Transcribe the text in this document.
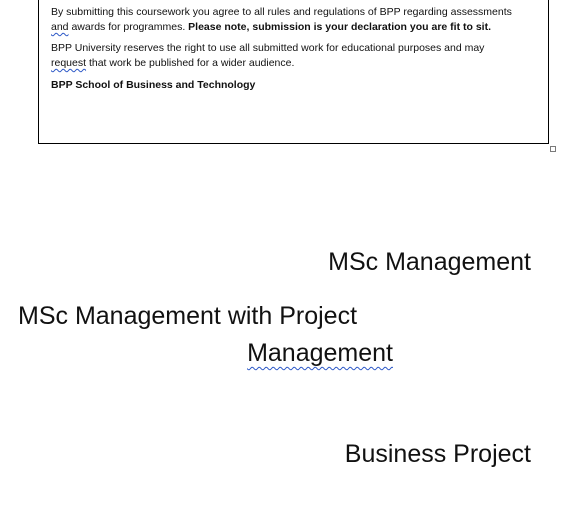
By submitting this coursework you agree to all rules and regulations of BPP regarding assessments
and awards for programmes. Please note, submission is your declaration you are fit to sit.
BPP University reserves the right to use all submitted work for educational purposes and may
request that work be published for a wider audience.
BPP School of Business and Technology
MSc Management
MSc Management with Project
Management
Business Project
